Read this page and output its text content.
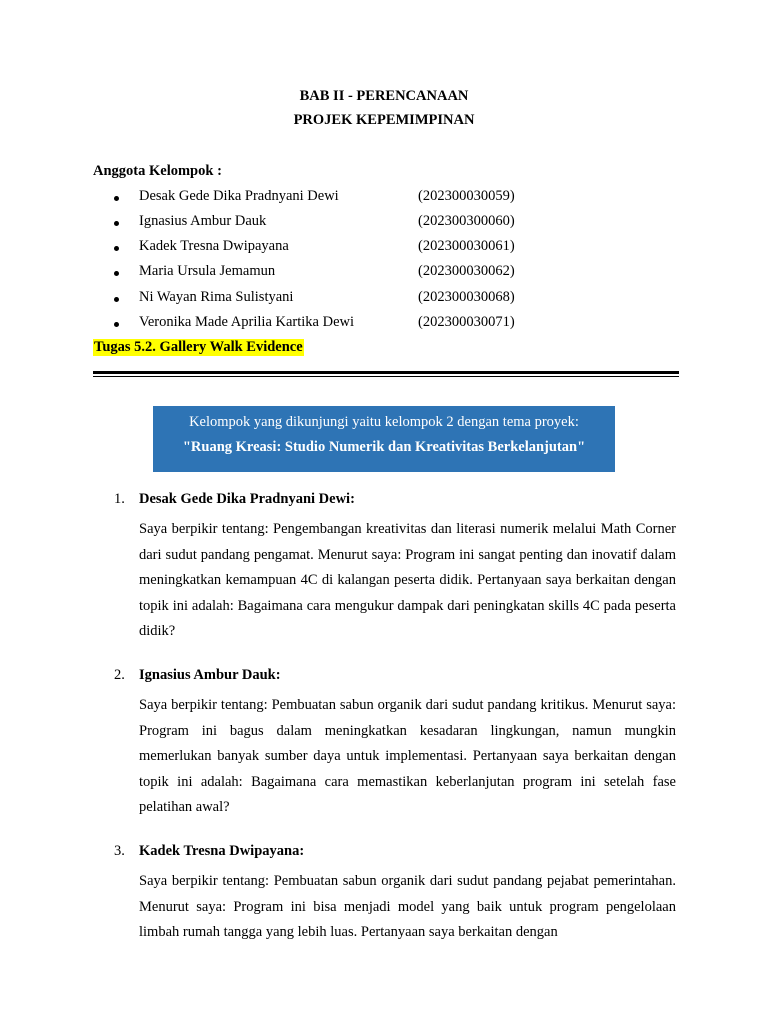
BAB II - PERENCANAAN
PROJEK KEPEMIMPINAN
Anggota Kelompok :
Desak Gede Dika Pradnyani Dewi	(202300030059)
Ignasius Ambur Dauk	(202300300060)
Kadek Tresna Dwipayana	(202300030061)
Maria Ursula Jemamun	(202300030062)
Ni Wayan Rima Sulistyani	(202300030068)
Veronika Made Aprilia Kartika Dewi	(202300030071)
Tugas 5.2. Gallery Walk Evidence
Kelompok yang dikunjungi yaitu kelompok 2 dengan tema proyek:
"Ruang Kreasi: Studio Numerik dan Kreativitas Berkelanjutan"
1. Desak Gede Dika Pradnyani Dewi:
Saya berpikir tentang: Pengembangan kreativitas dan literasi numerik melalui Math Corner dari sudut pandang pengamat. Menurut saya: Program ini sangat penting dan inovatif dalam meningkatkan kemampuan 4C di kalangan peserta didik. Pertanyaan saya berkaitan dengan topik ini adalah: Bagaimana cara mengukur dampak dari peningkatan skills 4C pada peserta didik?
2. Ignasius Ambur Dauk:
Saya berpikir tentang: Pembuatan sabun organik dari sudut pandang kritikus. Menurut saya: Program ini bagus dalam meningkatkan kesadaran lingkungan, namun mungkin memerlukan banyak sumber daya untuk implementasi. Pertanyaan saya berkaitan dengan topik ini adalah: Bagaimana cara memastikan keberlanjutan program ini setelah fase pelatihan awal?
3. Kadek Tresna Dwipayana:
Saya berpikir tentang: Pembuatan sabun organik dari sudut pandang pejabat pemerintahan. Menurut saya: Program ini bisa menjadi model yang baik untuk program pengelolaan limbah rumah tangga yang lebih luas. Pertanyaan saya berkaitan dengan
